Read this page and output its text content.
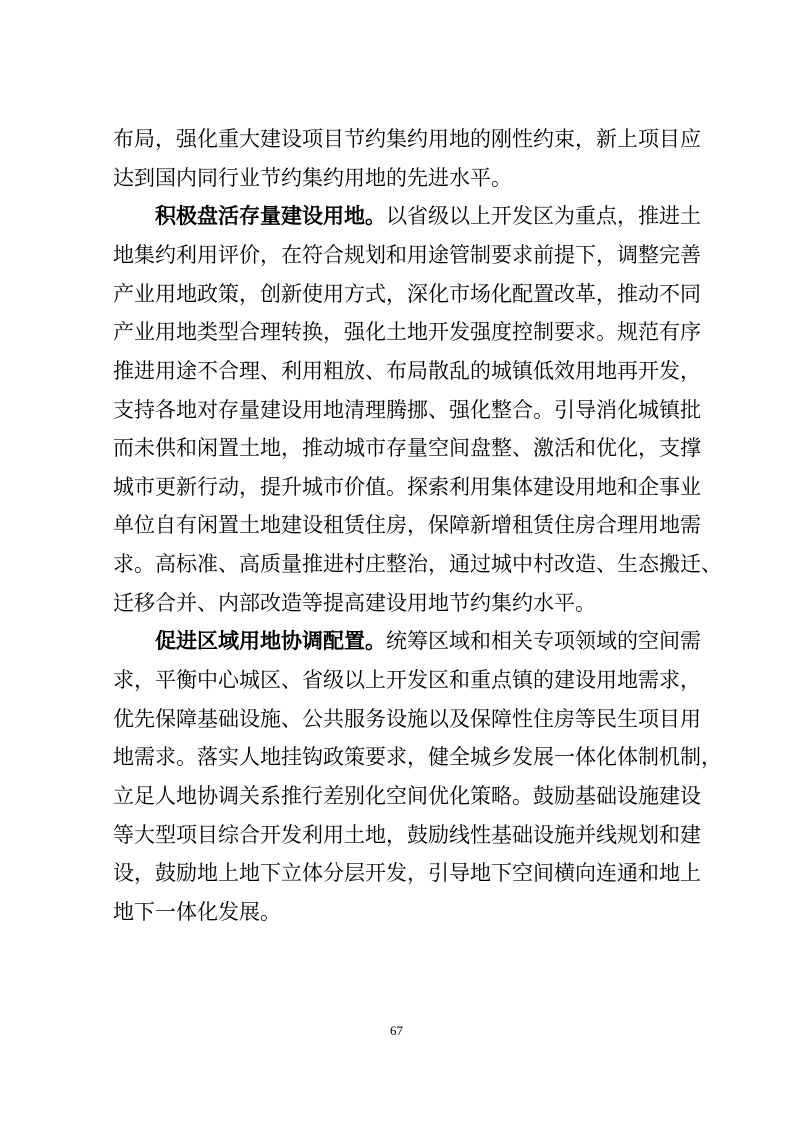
布局，强化重大建设项目节约集约用地的刚性约束，新上项目应
达到国内同行业节约集约用地的先进水平。
积极盘活存量建设用地。以省级以上开发区为重点，推进土
地集约利用评价，在符合规划和用途管制要求前提下，调整完善
产业用地政策，创新使用方式，深化市场化配置改革，推动不同
产业用地类型合理转换，强化土地开发强度控制要求。规范有序
推进用途不合理、利用粗放、布局散乱的城镇低效用地再开发，
支持各地对存量建设用地清理腾挪、强化整合。引导消化城镇批
而未供和闲置土地，推动城市存量空间盘整、激活和优化，支撑
城市更新行动，提升城市价值。探索利用集体建设用地和企事业
单位自有闲置土地建设租赁住房，保障新增租赁住房合理用地需
求。高标准、高质量推进村庄整治，通过城中村改造、生态搬迁、
迁移合并、内部改造等提高建设用地节约集约水平。
促进区域用地协调配置。统筹区域和相关专项领域的空间需
求，平衡中心城区、省级以上开发区和重点镇的建设用地需求，
优先保障基础设施、公共服务设施以及保障性住房等民生项目用
地需求。落实人地挂钩政策要求，健全城乡发展一体化体制机制，
立足人地协调关系推行差别化空间优化策略。鼓励基础设施建设
等大型项目综合开发利用土地，鼓励线性基础设施并线规划和建
设，鼓励地上地下立体分层开发，引导地下空间横向连通和地上
地下一体化发展。
67
